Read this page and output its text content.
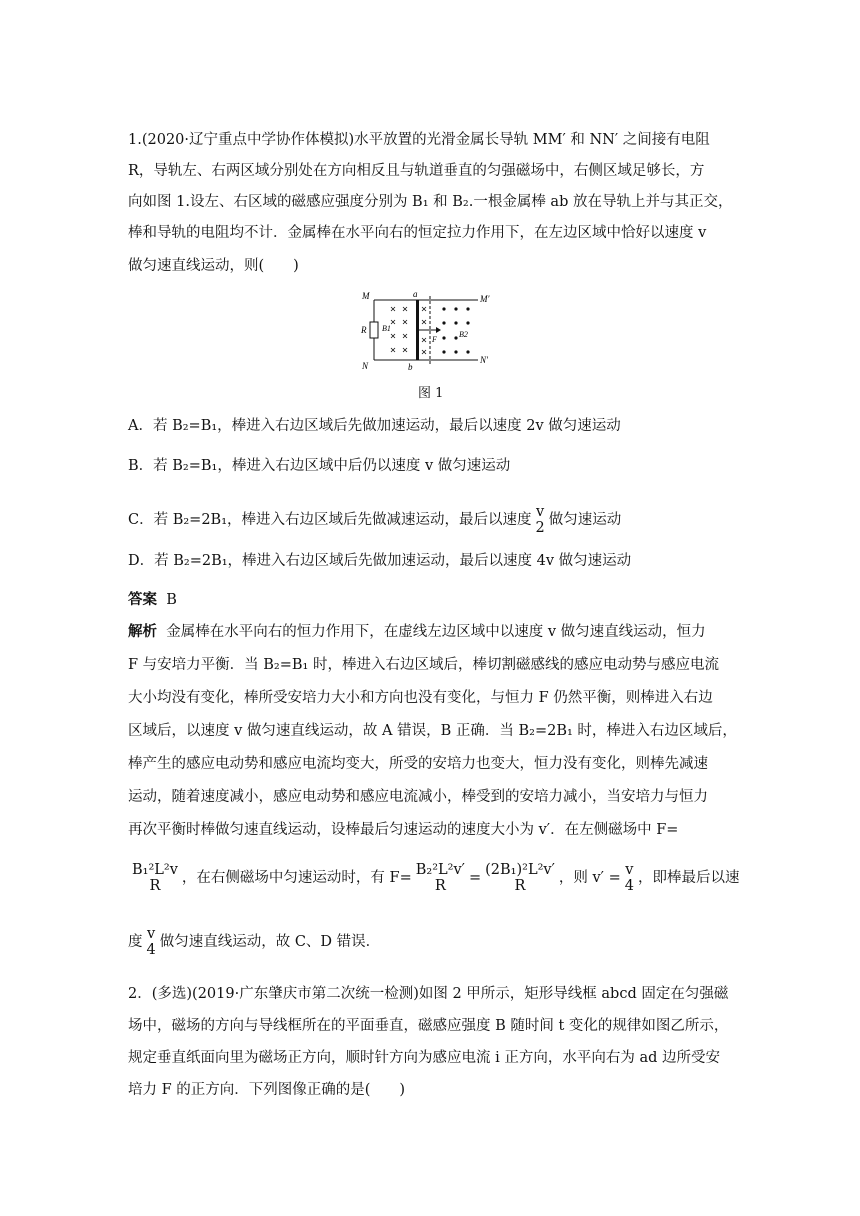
1.(2020·辽宁重点中学协作体模拟)水平放置的光滑金属长导轨 MM′ 和 NN′ 之间接有电阻
R，导轨左、右两区域分别处在方向相反且与轨道垂直的匀强磁场中，右侧区域足够长，方
向如图 1.设左、右区域的磁感应强度分别为 B₁ 和 B₂.一根金属棒 ab 放在导轨上并与其正交，
棒和导轨的电阻均不计．金属棒在水平向右的恒定拉力作用下，在左边区域中恰好以速度 v
做匀速直线运动，则(　　)
M	M′
N
N′
R
a
b
B1
B2
F
图 1
A．若 B₂=B₁，棒进入右边区域后先做加速运动，最后以速度 2v 做匀速运动
B．若 B₂=B₁，棒进入右边区域中后仍以速度 v 做匀速运动
C．若 B₂=2B₁，棒进入右边区域后先做减速运动，最后以速度 v
2 做匀速运动
D．若 B₂=2B₁，棒进入右边区域后先做加速运动，最后以速度 4v 做匀速运动
答案 B
解析 金属棒在水平向右的恒力作用下，在虚线左边区域中以速度 v 做匀速直线运动，恒力
F 与安培力平衡．当 B₂=B₁ 时，棒进入右边区域后，棒切割磁感线的感应电动势与感应电流
大小均没有变化，棒所受安培力大小和方向也没有变化，与恒力 F 仍然平衡，则棒进入右边
区域后，以速度 v 做匀速直线运动，故 A 错误，B 正确．当 B₂=2B₁ 时，棒进入右边区域后，
棒产生的感应电动势和感应电流均变大，所受的安培力也变大，恒力没有变化，则棒先减速
运动，随着速度减小，感应电动势和感应电流减小，棒受到的安培力减小，当安培力与恒力
再次平衡时棒做匀速直线运动，设棒最后匀速运动的速度大小为 v′．在左侧磁场中 F=
B₁²L²v
R	，在右侧磁场中匀速运动时，有 F= B₂²L²v′
R	= (2B₁)²L²v′
R	，则 v′ = v
4 ，即棒最后以速
度 v
4 做匀速直线运动，故 C、D 错误．
2．(多选)(2019·广东肇庆市第二次统一检测)如图 2 甲所示，矩形导线框 abcd 固定在匀强磁
场中，磁场的方向与导线框所在的平面垂直，磁感应强度 B 随时间 t 变化的规律如图乙所示，
规定垂直纸面向里为磁场正方向，顺时针方向为感应电流 i 正方向，水平向右为 ad 边所受安
培力 F 的正方向．下列图像正确的是(　　)
